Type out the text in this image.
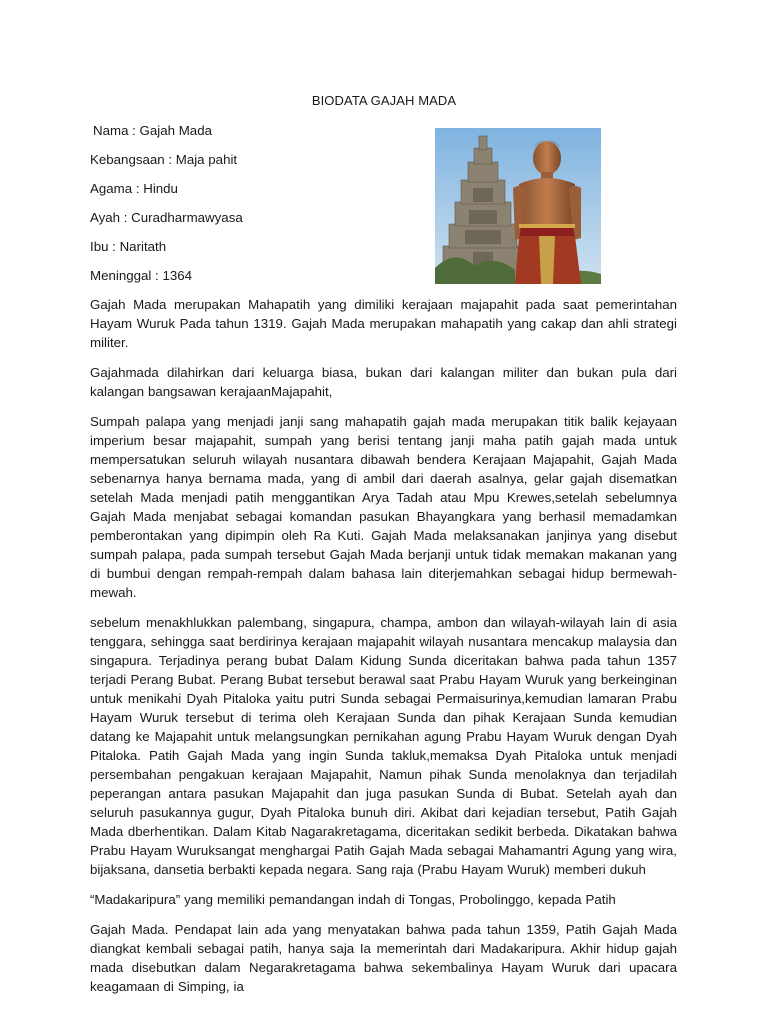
BIODATA GAJAH MADA
Nama : Gajah Mada
Kebangsaan : Maja pahit
Agama : Hindu
Ayah : Curadharmawyasa
Ibu : Naritath
Meninggal : 1364

Gajah Mada merupakan Mahapatih yang dimiliki kerajaan majapahit pada saat pemerintahan Hayam Wuruk Pada tahun 1319. Gajah Mada merupakan mahapatih yang cakap dan ahli strategi militer.

Gajahmada dilahirkan dari keluarga biasa, bukan dari kalangan militer dan bukan pula dari kalangan bangsawan kerajaanMajapahit,

Sumpah palapa yang menjadi janji sang mahapatih gajah mada merupakan titik balik kejayaan imperium besar majapahit, sumpah yang berisi tentang janji maha patih gajah mada untuk mempersatukan seluruh wilayah nusantara dibawah bendera Kerajaan Majapahit, Gajah Mada sebenarnya hanya bernama mada, yang di ambil dari daerah asalnya, gelar gajah disematkan setelah Mada menjadi patih menggantikan Arya Tadah atau Mpu Krewes,setelah sebelumnya Gajah Mada menjabat sebagai komandan pasukan Bhayangkara yang berhasil memadamkan pemberontakan yang dipimpin oleh Ra Kuti. Gajah Mada melaksanakan janjinya yang disebut sumpah palapa, pada sumpah tersebut Gajah Mada berjanji untuk tidak memakan makanan yang di bumbui dengan rempah-rempah dalam bahasa lain diterjemahkan sebagai hidup bermewah-mewah.

sebelum menakhlukkan palembang, singapura, champa, ambon dan wilayah-wilayah lain di asia tenggara, sehingga saat berdirinya kerajaan majapahit wilayah nusantara mencakup malaysia dan singapura. Terjadinya perang bubat Dalam Kidung Sunda diceritakan bahwa pada tahun 1357 terjadi Perang Bubat. Perang Bubat tersebut berawal saat Prabu Hayam Wuruk yang berkeinginan untuk menikahi Dyah Pitaloka yaitu putri Sunda sebagai Permaisurinya,kemudian lamaran Prabu Hayam Wuruk tersebut di terima oleh Kerajaan Sunda dan pihak Kerajaan Sunda kemudian datang ke Majapahit untuk melangsungkan pernikahan agung Prabu Hayam Wuruk dengan Dyah Pitaloka. Patih Gajah Mada yang ingin Sunda takluk,memaksa Dyah Pitaloka untuk menjadi persembahan pengakuan kerajaan Majapahit, Namun pihak Sunda menolaknya dan terjadilah peperangan antara pasukan Majapahit dan juga pasukan Sunda di Bubat. Setelah ayah dan seluruh pasukannya gugur, Dyah Pitaloka bunuh diri. Akibat dari kejadian tersebut, Patih Gajah Mada dberhentikan. Dalam Kitab Nagarakretagama, diceritakan sedikit berbeda. Dikatakan bahwa Prabu Hayam Wuruksangat menghargai Patih Gajah Mada sebagai Mahamantri Agung yang wira, bijaksana, dansetia berbakti kepada negara. Sang raja (Prabu Hayam Wuruk) memberi dukuh

“Madakaripura” yang memiliki pemandangan indah di Tongas, Probolinggo, kepada Patih

Gajah Mada. Pendapat lain ada yang menyatakan bahwa pada tahun 1359, Patih Gajah Mada diangkat kembali sebagai patih, hanya saja Ia memerintah dari Madakaripura. Akhir hidup gajah mada disebutkan dalam Negarakretagama bahwa sekembalinya Hayam Wuruk dari upacara keagamaan di Simping, ia
